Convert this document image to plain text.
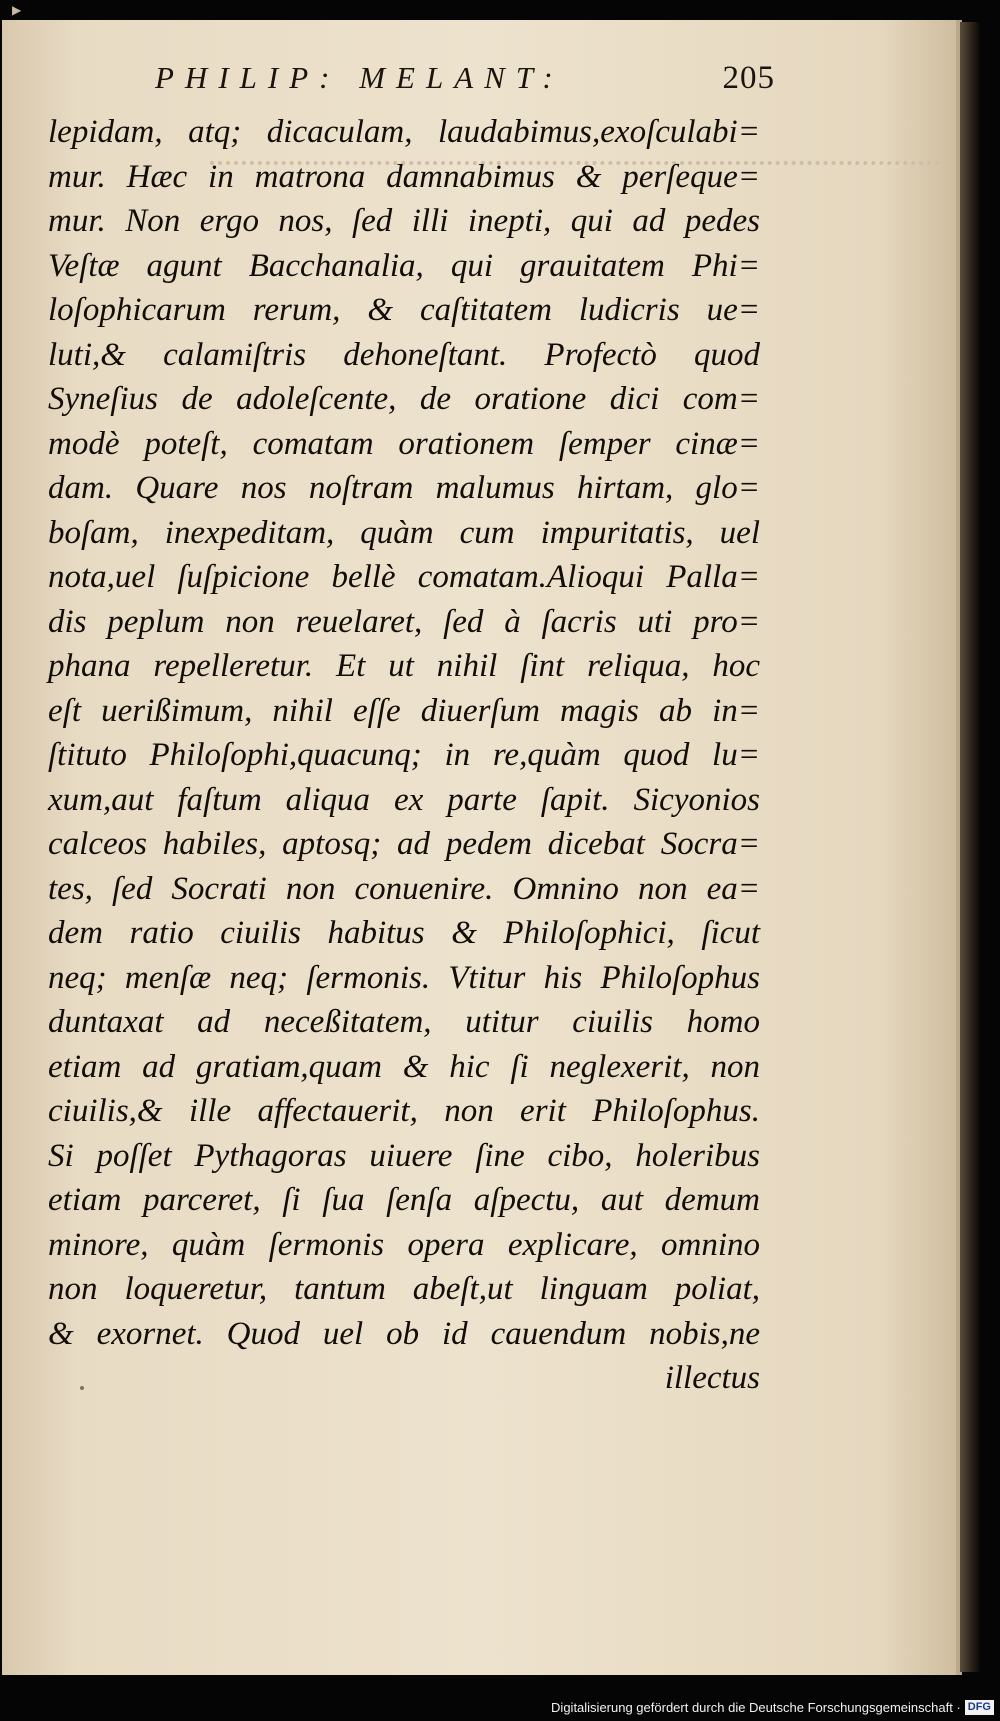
▶
PHILIP: MELANT:	205
lepidam, atq; dicaculam, laudabimus,exoſculabi=
mur. Hæc in matrona damnabimus & perſeque=
mur. Non ergo nos, ſed illi inepti, qui ad pedes
Veſtæ agunt Bacchanalia, qui grauitatem Phi=
loſophicarum rerum, & caſtitatem ludicris ue=
luti,& calamiſtris dehoneſtant. Profectò quod
Syneſius de adoleſcente, de oratione dici com=
modè poteſt, comatam orationem ſemper cinæ=
dam. Quare nos noſtram malumus hirtam, glo=
boſam, inexpeditam, quàm cum impuritatis, uel
nota,uel ſuſpicione bellè comatam.Alioqui Palla=
dis peplum non reuelaret, ſed à ſacris uti pro=
phana repelleretur. Et ut nihil ſint reliqua, hoc
eſt uerißimum, nihil eſſe diuerſum magis ab in=
ſtituto Philoſophi,quacunq; in re,quàm quod lu=
xum,aut faſtum aliqua ex parte ſapit. Sicyonios
calceos habiles, aptosq; ad pedem dicebat Socra=
tes, ſed Socrati non conuenire. Omnino non ea=
dem ratio ciuilis habitus & Philoſophici, ſicut
neq; menſæ neq; ſermonis. Vtitur his Philoſophus
duntaxat ad neceßitatem, utitur ciuilis homo
etiam ad gratiam,quam & hic ſi neglexerit, non
ciuilis,& ille affectauerit, non erit Philoſophus.
Si poſſet Pythagoras uiuere ſine cibo, holeribus
etiam parceret, ſi ſua ſenſa aſpectu, aut demum
minore, quàm ſermonis opera explicare, omnino
non loqueretur, tantum abeſt,ut linguam poliat,
& exornet. Quod uel ob id cauendum nobis,ne
illectus
Digitalisierung gefördert durch die Deutsche Forschungsgemeinschaft · DFG
